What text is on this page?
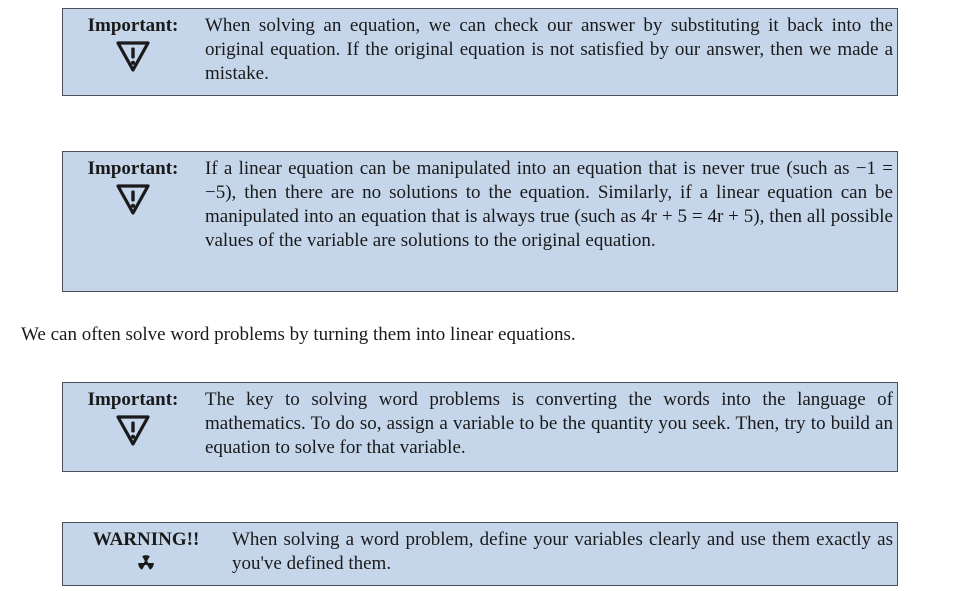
Important:	When solving an equation, we can check our answer by substituting it back into the original equation. If the original equation is not satisfied by our answer, then we made a mistake.
Important:	If a linear equation can be manipulated into an equation that is never true (such as −1 = −5), then there are no solutions to the equation. Similarly, if a linear equation can be manipulated into an equation that is always true (such as 4r + 5 = 4r + 5), then all possible values of the variable are solutions to the original equation.
We can often solve word problems by turning them into linear equations.
Important:	The key to solving word problems is converting the words into the language of mathematics. To do so, assign a variable to be the quantity you seek. Then, try to build an equation to solve for that variable.
WARNING!!	When solving a word problem, define your variables clearly and use them exactly as you've defined them.
